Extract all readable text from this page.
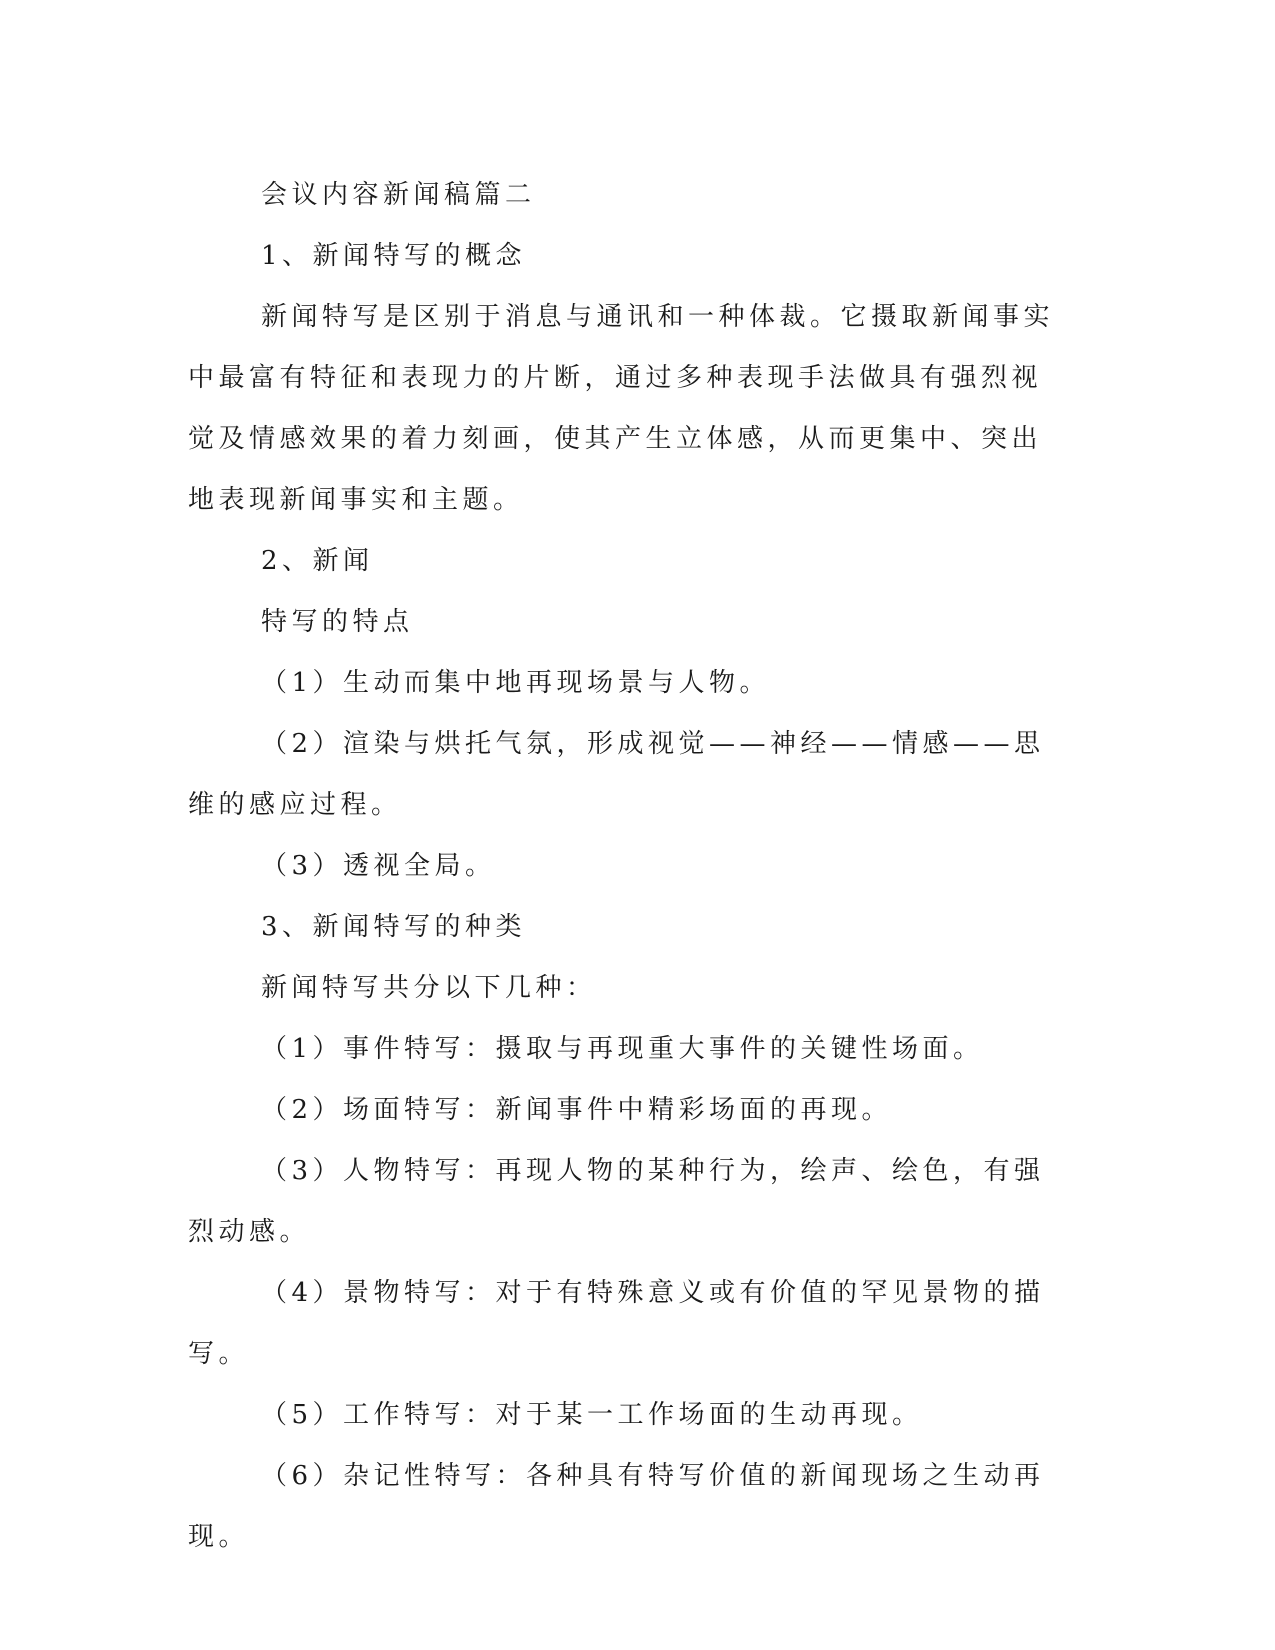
会议内容新闻稿篇二

1、新闻特写的概念

新闻特写是区别于消息与通讯和一种体裁。它摄取新闻事实中最富有特征和表现力的片断，通过多种表现手法做具有强烈视觉及情感效果的着力刻画，使其产生立体感，从而更集中、突出地表现新闻事实和主题。

2、新闻

特写的特点

（1）生动而集中地再现场景与人物。

（2）渲染与烘托气氛，形成视觉——神经——情感——思维的感应过程。

（3）透视全局。

3、新闻特写的种类

新闻特写共分以下几种：

（1）事件特写：摄取与再现重大事件的关键性场面。

（2）场面特写：新闻事件中精彩场面的再现。

（3）人物特写：再现人物的某种行为，绘声、绘色，有强烈动感。

（4）景物特写：对于有特殊意义或有价值的罕见景物的描写。

（5）工作特写：对于某一工作场面的生动再现。

（6）杂记性特写：各种具有特写价值的新闻现场之生动再现。
